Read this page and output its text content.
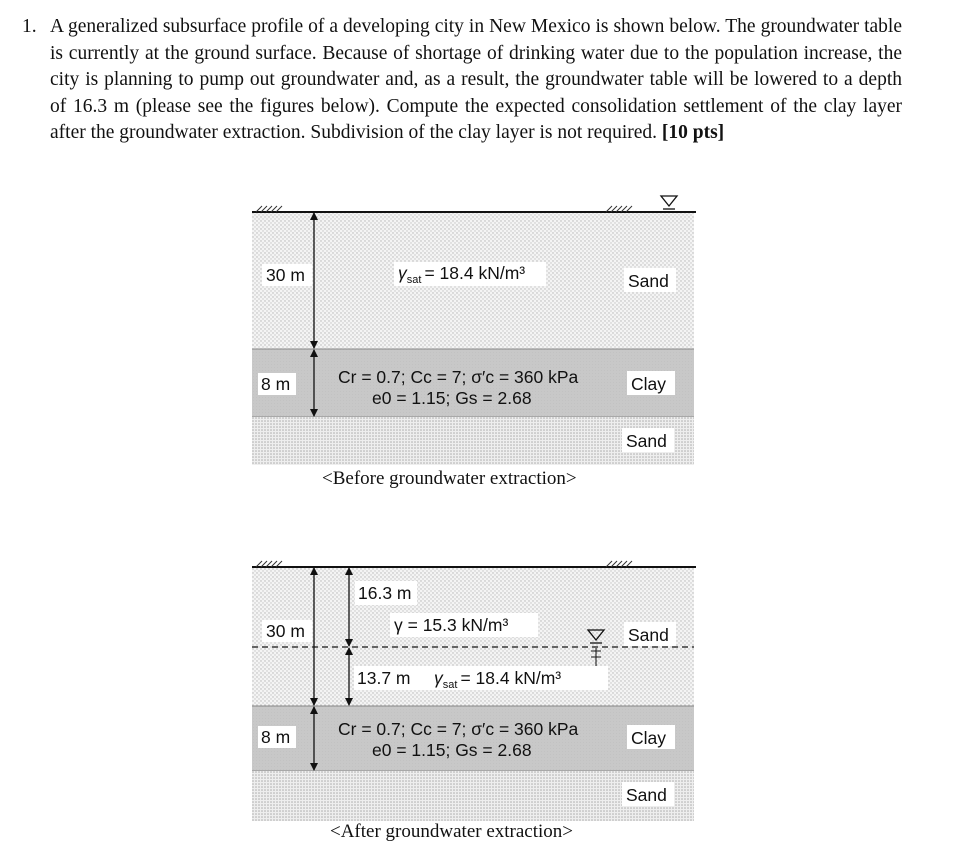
1. A generalized subsurface profile of a developing city in New Mexico is shown below. The groundwater table is currently at the ground surface. Because of shortage of drinking water due to the population increase, the city is planning to pump out groundwater and, as a result, the groundwater table will be lowered to a depth of 16.3 m (please see the figures below). Compute the expected consolidation settlement of the clay layer after the groundwater extraction. Subdivision of the clay layer is not required. [10 pts]
30 m
8 m
$\gamma_{sat} = 18.4$ kN/m³	Sand
Clay
Sand
Cr = 0.7; Cc = 7; σ′c = 360 kPa
e0 = 1.15; Gs = 2.68
<Before groundwater extraction>
30 m
8 m
16.3 m
γ = 15.3 kN/m³
13.7 m $\gamma_{sat} = 18.4$ kN/m³
Sand
Clay
Sand
Cr = 0.7; Cc = 7; σ′c = 360 kPa
e0 = 1.15; Gs = 2.68
<After groundwater extraction>
